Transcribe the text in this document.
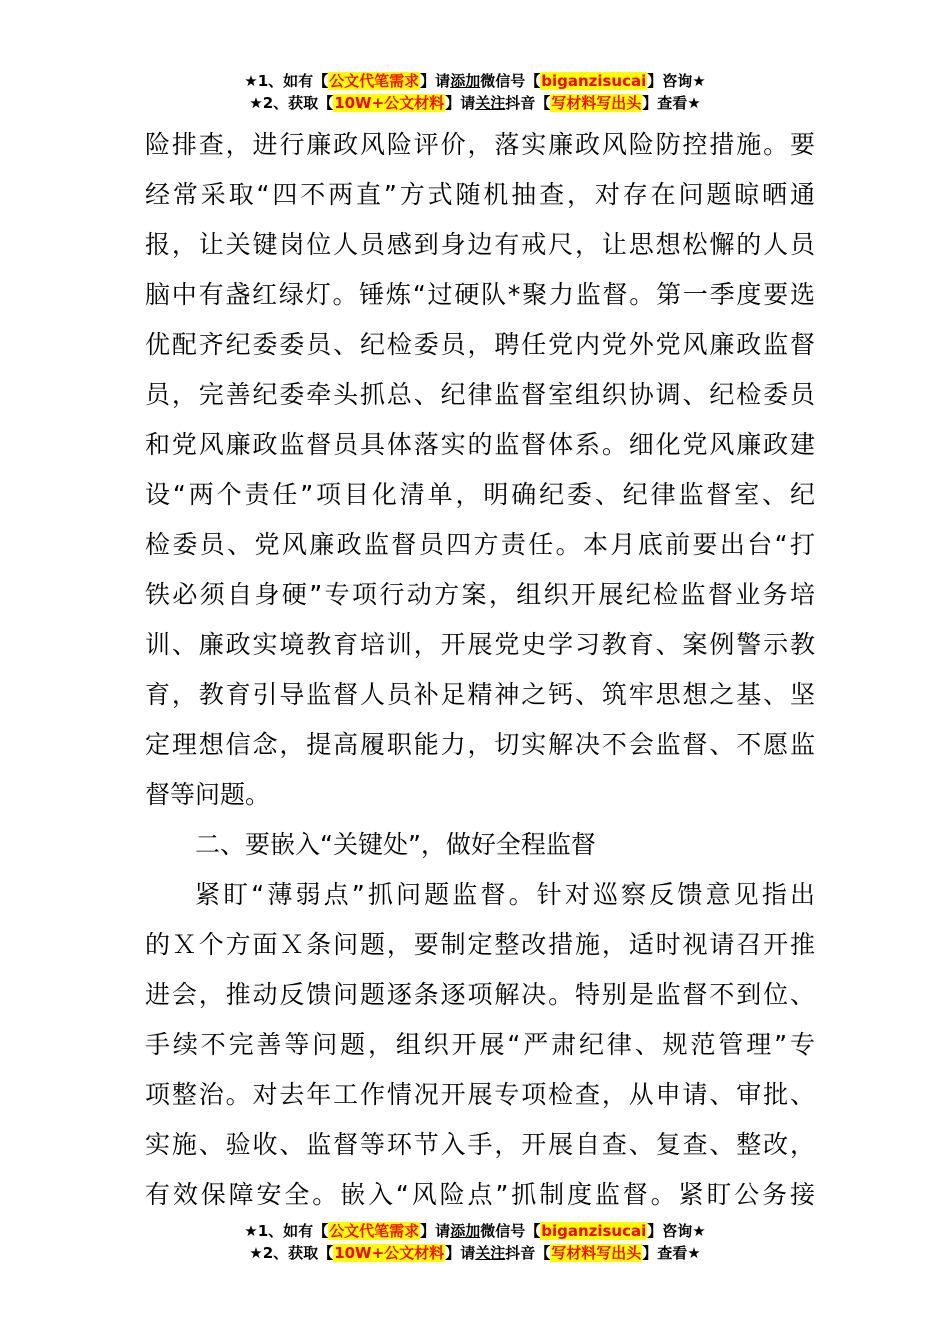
★1、如有【公文代笔需求】请添加微信号【biganzisucai】咨询★
★2、获取【10W+公文材料】请关注抖音【写材料写出头】查看★
险排查，进行廉政风险评价，落实廉政风险防控措施。要
经常采取“四不两直”方式随机抽查，对存在问题晾晒通
报，让关键岗位人员感到身边有戒尺，让思想松懈的人员
脑中有盏红绿灯。锤炼“过硬队*聚力监督。第一季度要选
优配齐纪委委员、纪检委员，聘任党内党外党风廉政监督
员，完善纪委牵头抓总、纪律监督室组织协调、纪检委员
和党风廉政监督员具体落实的监督体系。细化党风廉政建
设“两个责任”项目化清单，明确纪委、纪律监督室、纪
检委员、党风廉政监督员四方责任。本月底前要出台“打
铁必须自身硬”专项行动方案，组织开展纪检监督业务培
训、廉政实境教育培训，开展党史学习教育、案例警示教
育，教育引导监督人员补足精神之钙、筑牢思想之基、坚
定理想信念，提高履职能力，切实解决不会监督、不愿监
督等问题。
二、要嵌入“关键处”，做好全程监督
紧盯“薄弱点”抓问题监督。针对巡察反馈意见指出
的Ｘ个方面Ｘ条问题，要制定整改措施，适时视请召开推
进会，推动反馈问题逐条逐项解决。特别是监督不到位、
手续不完善等问题，组织开展“严肃纪律、规范管理”专
项整治。对去年工作情况开展专项检查，从申请、审批、
实施、验收、监督等环节入手，开展自查、复查、整改，
有效保障安全。嵌入“风险点”抓制度监督。紧盯公务接
★1、如有【公文代笔需求】请添加微信号【biganzisucai】咨询★
★2、获取【10W+公文材料】请关注抖音【写材料写出头】查看★
